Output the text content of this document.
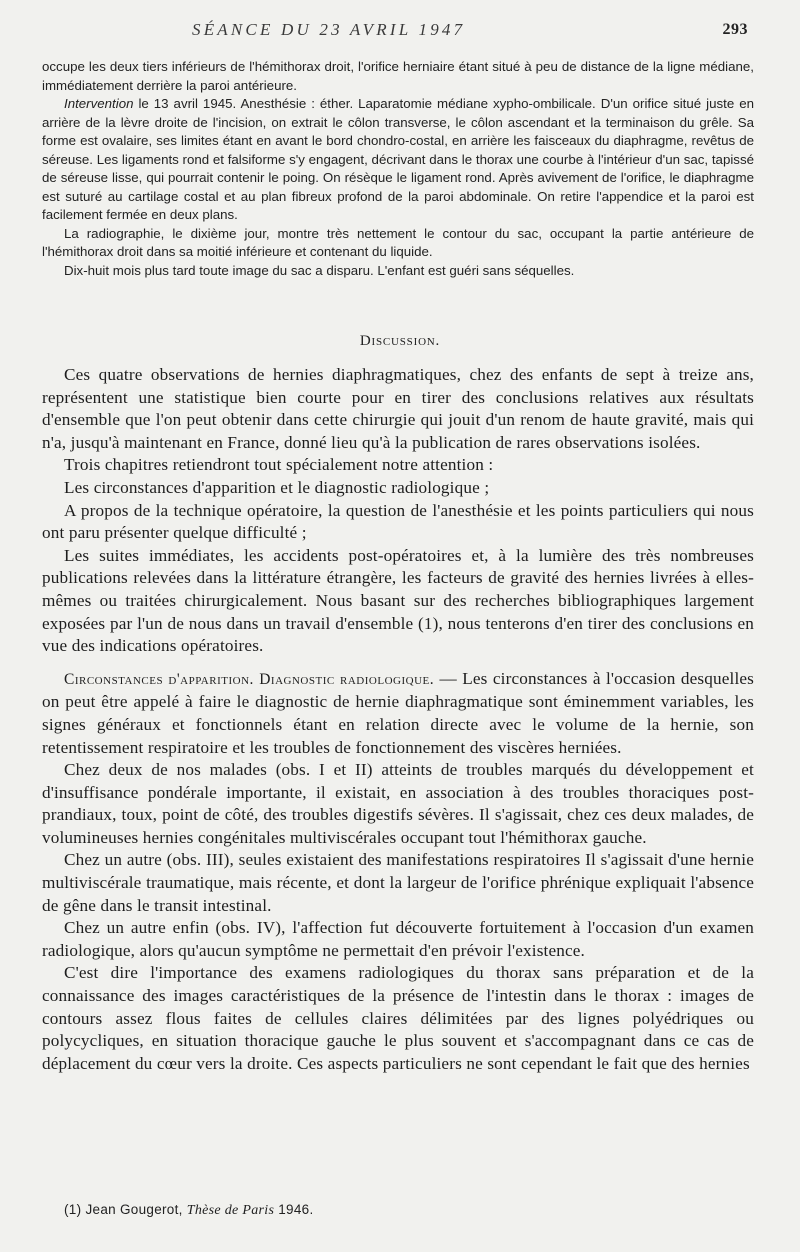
SÉANCE DU 23 AVRIL 1947	293

occupe les deux tiers inférieurs de l'hémithorax droit, l'orifice herniaire étant situé à peu de distance de la ligne médiane, immédiatement derrière la paroi antérieure.

Intervention le 13 avril 1945. Anesthésie : éther. Laparatomie médiane xypho-ombilicale. D'un orifice situé juste en arrière de la lèvre droite de l'incision, on extrait le côlon transverse, le côlon ascendant et la terminaison du grêle. Sa forme est ovalaire, ses limites étant en avant le bord chondro-costal, en arrière les faisceaux du diaphragme, revêtus de séreuse. Les ligaments rond et falsiforme s'y engagent, décrivant dans le thorax une courbe à l'intérieur d'un sac, tapissé de séreuse lisse, qui pourrait contenir le poing. On résèque le ligament rond. Après avivement de l'orifice, le diaphragme est suturé au cartilage costal et au plan fibreux profond de la paroi abdominale. On retire l'appendice et la paroi est facilement fermée en deux plans.

La radiographie, le dixième jour, montre très nettement le contour du sac, occupant la partie antérieure de l'hémithorax droit dans sa moitié inférieure et contenant du liquide.

Dix-huit mois plus tard toute image du sac a disparu. L'enfant est guéri sans séquelles.

Discussion.

Ces quatre observations de hernies diaphragmatiques, chez des enfants de sept à treize ans, représentent une statistique bien courte pour en tirer des conclusions relatives aux résultats d'ensemble que l'on peut obtenir dans cette chirurgie qui jouit d'un renom de haute gravité, mais qui n'a, jusqu'à maintenant en France, donné lieu qu'à la publication de rares observations isolées.

Trois chapitres retiendront tout spécialement notre attention :

Les circonstances d'apparition et le diagnostic radiologique ;

A propos de la technique opératoire, la question de l'anesthésie et les points particuliers qui nous ont paru présenter quelque difficulté ;

Les suites immédiates, les accidents post-opératoires et, à la lumière des très nombreuses publications relevées dans la littérature étrangère, les facteurs de gravité des hernies livrées à elles-mêmes ou traitées chirurgicalement. Nous basant sur des recherches bibliographiques largement exposées par l'un de nous dans un travail d'ensemble (1), nous tenterons d'en tirer des conclusions en vue des indications opératoires.

Circonstances d'apparition. Diagnostic radiologique. — Les circonstances à l'occasion desquelles on peut être appelé à faire le diagnostic de hernie diaphragmatique sont éminemment variables, les signes généraux et fonctionnels étant en relation directe avec le volume de la hernie, son retentissement respiratoire et les troubles de fonctionnement des viscères herniées.

Chez deux de nos malades (obs. I et II) atteints de troubles marqués du développement et d'insuffisance pondérale importante, il existait, en association à des troubles thoraciques post-prandiaux, toux, point de côté, des troubles digestifs sévères. Il s'agissait, chez ces deux malades, de volumineuses hernies congénitales multiviscérales occupant tout l'hémithorax gauche.

Chez un autre (obs. III), seules existaient des manifestations respiratoires Il s'agissait d'une hernie multiviscérale traumatique, mais récente, et dont la largeur de l'orifice phrénique expliquait l'absence de gêne dans le transit intestinal.

Chez un autre enfin (obs. IV), l'affection fut découverte fortuitement à l'occasion d'un examen radiologique, alors qu'aucun symptôme ne permettait d'en prévoir l'existence.

C'est dire l'importance des examens radiologiques du thorax sans préparation et de la connaissance des images caractéristiques de la présence de l'intestin dans le thorax : images de contours assez flous faites de cellules claires délimitées par des lignes polyédriques ou polycycliques, en situation thoracique gauche le plus souvent et s'accompagnant dans ce cas de déplacement du cœur vers la droite. Ces aspects particuliers ne sont cependant le fait que des hernies

(1) Jean Gougerot, Thèse de Paris 1946.
